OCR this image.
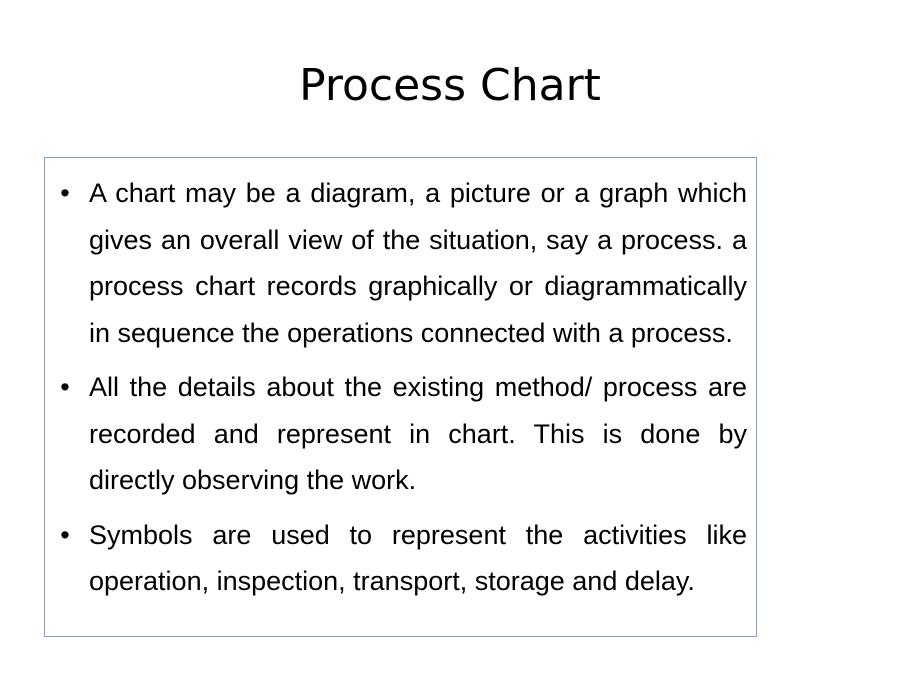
Process Chart
• A chart may be a diagram, a picture or a graph which gives an overall view of the situation, say a process. a process chart records graphically or diagrammatically in sequence the operations connected with a process.
• All the details about the existing method/ process are recorded and represent in chart. This is done by directly observing the work.
• Symbols are used to represent the activities like operation, inspection, transport, storage and delay.
